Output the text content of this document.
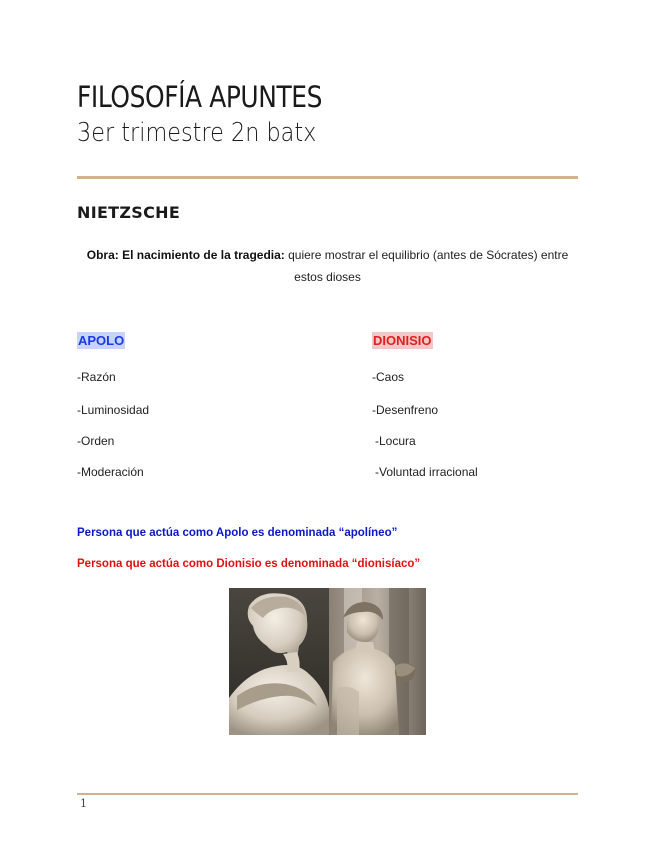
FILOSOFÍA APUNTES
3er trimestre 2n batx
NIETZSCHE
Obra: El nacimiento de la tragedia: quiere mostrar el equilibrio (antes de Sócrates) entre estos dioses
APOLO	DIONISIO
-Razón
-Luminosidad
-Orden
-Moderación
-Caos
-Desenfreno
-Locura
-Voluntad irracional
Persona que actúa como Apolo es denominada “apolíneo”
Persona que actúa como Dionisio es denominada “dionisíaco”
1
